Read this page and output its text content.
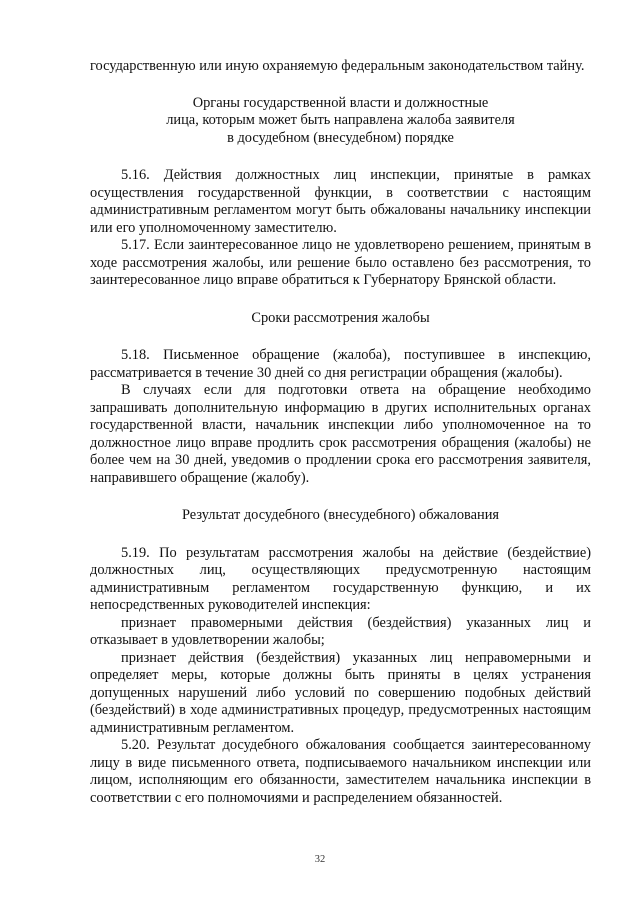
государственную или иную охраняемую федеральным законодательством тайну.

Органы государственной власти и должностные

лица, которым может быть направлена жалоба заявителя

в досудебном (внесудебном) порядке

5.16. Действия должностных лиц инспекции, принятые в рамках осуществления государственной функции, в соответствии с настоящим административным регламентом могут быть обжалованы начальнику инспекции или его уполномоченному заместителю.

5.17. Если заинтересованное лицо не удовлетворено решением, принятым в ходе рассмотрения жалобы, или решение было оставлено без рассмотрения, то заинтересованное лицо вправе обратиться к Губернатору Брянской области.

Сроки рассмотрения жалобы

5.18. Письменное обращение (жалоба), поступившее в инспекцию, рассматривается в течение 30 дней со дня регистрации обращения (жалобы).

В случаях если для подготовки ответа на обращение необходимо запрашивать дополнительную информацию в других исполнительных органах государственной власти, начальник инспекции либо уполномоченное на то должностное лицо вправе продлить срок рассмотрения обращения (жалобы) не более чем на 30 дней, уведомив о продлении срока его рассмотрения заявителя, направившего обращение (жалобу).

Результат досудебного (внесудебного) обжалования

5.19. По результатам рассмотрения жалобы на действие (бездействие) должностных лиц, осуществляющих предусмотренную настоящим административным регламентом государственную функцию, и их непосредственных руководителей инспекция:

признает правомерными действия (бездействия) указанных лиц и отказывает в удовлетворении жалобы;

признает действия (бездействия) указанных лиц неправомерными и определяет меры, которые должны быть приняты в целях устранения допущенных нарушений либо условий по совершению подобных действий (бездействий) в ходе административных процедур, предусмотренных настоящим административным регламентом.

5.20. Результат досудебного обжалования сообщается заинтересованному лицу в виде письменного ответа, подписываемого начальником инспекции или лицом, исполняющим его обязанности, заместителем начальника инспекции в соответствии с его полномочиями и распределением обязанностей.

32
